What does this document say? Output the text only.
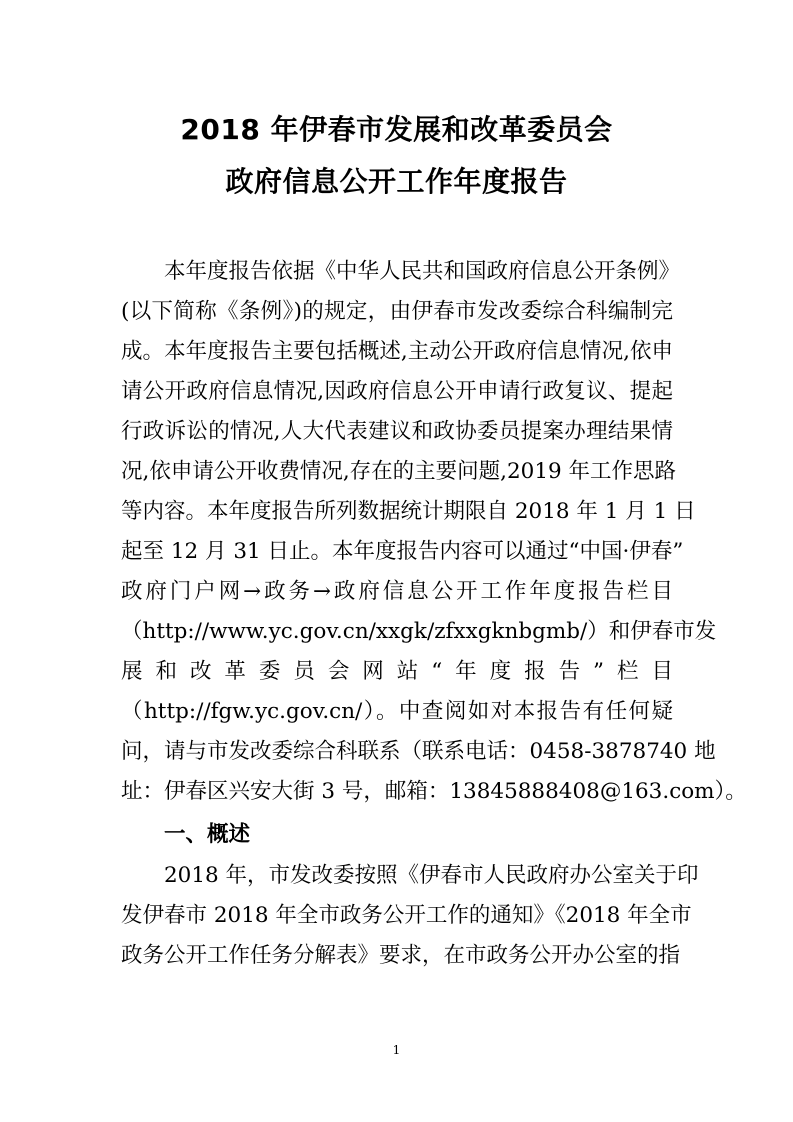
2018 年伊春市发展和改革委员会
政府信息公开工作年度报告
本年度报告依据《中华人民共和国政府信息公开条例》
(以下简称《条例》)的规定，由伊春市发改委综合科编制完
成。本年度报告主要包括概述,主动公开政府信息情况,依申
请公开政府信息情况,因政府信息公开申请行政复议、提起
行政诉讼的情况,人大代表建议和政协委员提案办理结果情
况,依申请公开收费情况,存在的主要问题,2019 年工作思路
等内容。本年度报告所列数据统计期限自 2018 年 1 月 1 日
起至 12 月 31 日止。本年度报告内容可以通过“中国·伊春”
政府门户网→政务→政府信息公开工作年度报告栏目
（http://www.yc.gov.cn/xxgk/zfxxgknbgmb/）和伊春市发
展和改革委员会网站“年度报告”栏目
（http://fgw.yc.gov.cn/）。中查阅如对本报告有任何疑
问，请与市发改委综合科联系（联系电话：0458-3878740 地
址：伊春区兴安大街 3 号，邮箱：13845888408@163.com）。
一、概述
2018 年，市发改委按照《伊春市人民政府办公室关于印
发伊春市 2018 年全市政务公开工作的通知》《2018 年全市
政务公开工作任务分解表》要求，在市政务公开办公室的指
1
